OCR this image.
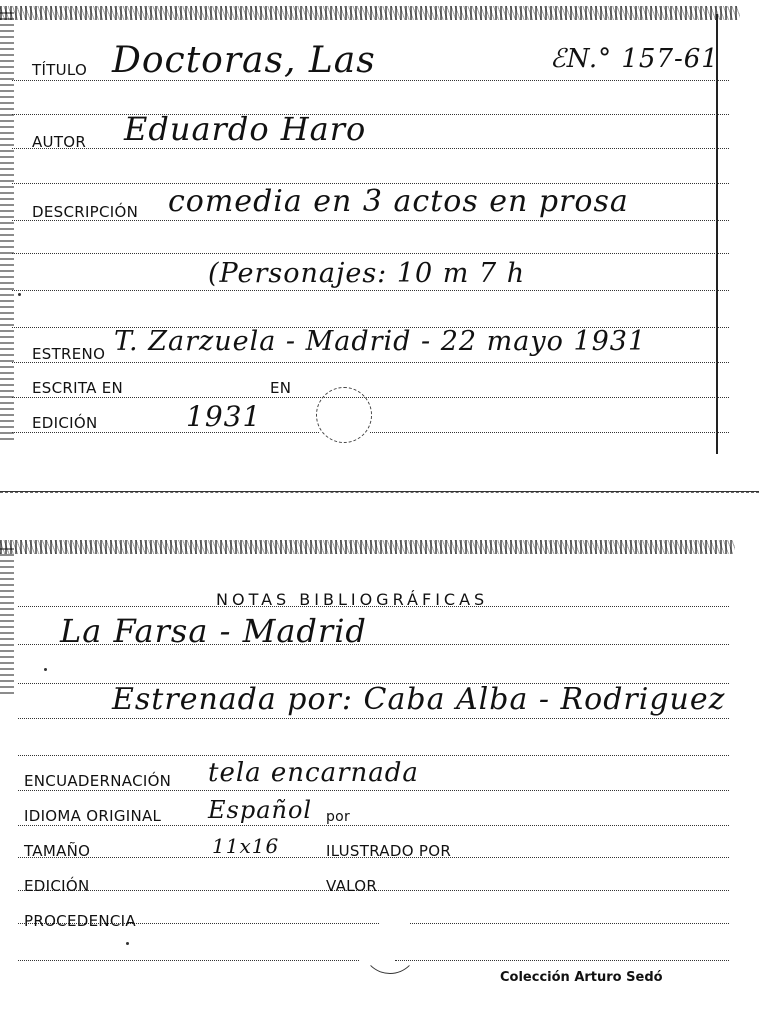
TÍTULO Doctoras, Las	ℰN.° 157-61
AUTOR Eduardo Haro
DESCRIPCIÓN comedia en 3 actos en prosa
(Personajes: 10 m 7 h
ESTRENO T. Zarzuela - Madrid - 22 mayo 1931
ESCRITA EN	EN
EDICIÓN	1931
NOTAS BIBLIOGRÁFICAS
La Farsa - Madrid
Estrenada por: Caba Alba - Rodriguez
ENCUADERNACIÓN tela encarnada
IDIOMA ORIGINAL Español por
TAMAÑO	11x16	ILUSTRADO POR
EDICIÓN	VALOR
PROCEDENCIA
Colección Arturo Sedó
